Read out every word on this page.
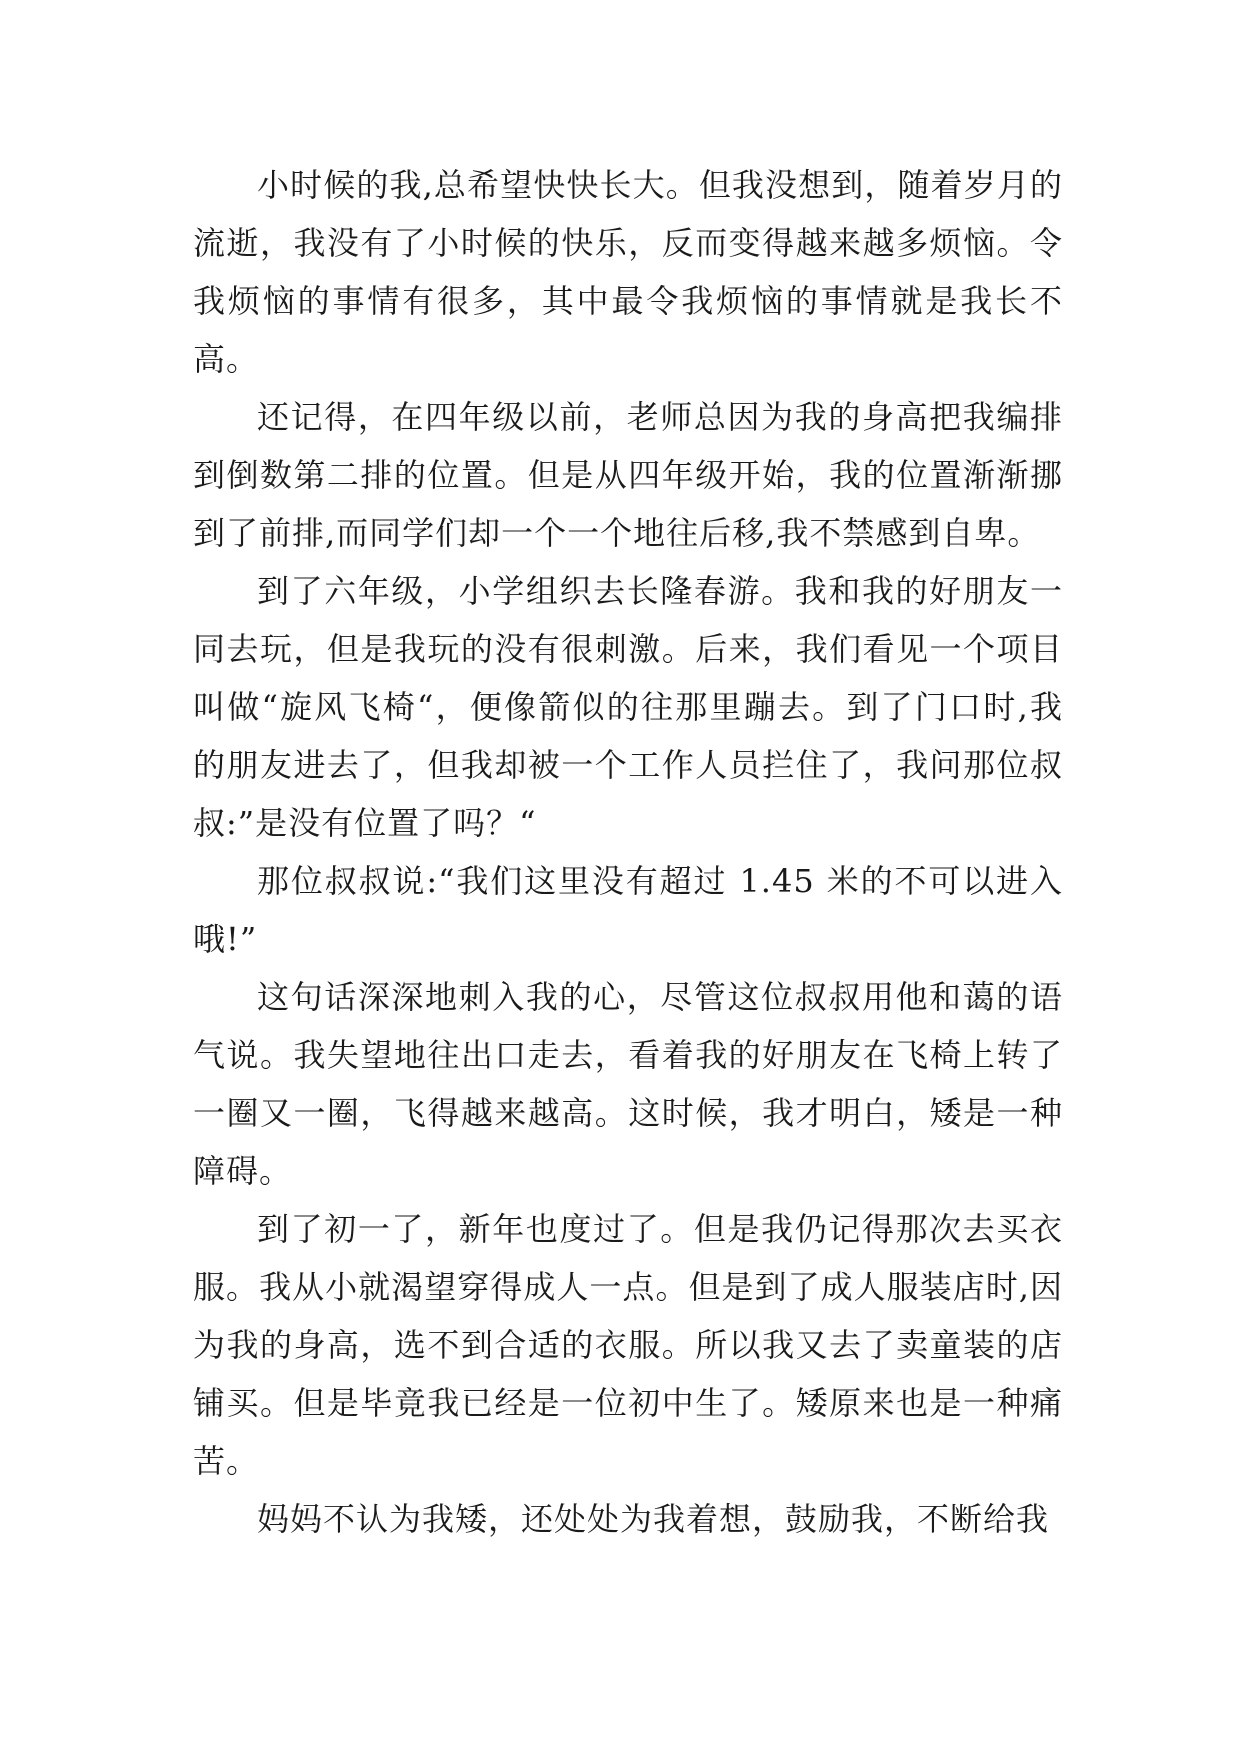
小时候的我,总希望快快长大。但我没想到，随着岁月的流逝，我没有了小时候的快乐，反而变得越来越多烦恼。令我烦恼的事情有很多，其中最令我烦恼的事情就是我长不高。

还记得，在四年级以前，老师总因为我的身高把我编排到倒数第二排的位置。但是从四年级开始，我的位置渐渐挪到了前排,而同学们却一个一个地往后移,我不禁感到自卑。

到了六年级，小学组织去长隆春游。我和我的好朋友一同去玩，但是我玩的没有很刺激。后来，我们看见一个项目叫做“旋风飞椅“，便像箭似的往那里蹦去。到了门口时,我的朋友进去了，但我却被一个工作人员拦住了，我问那位叔叔:”是没有位置了吗？“

那位叔叔说:“我们这里没有超过 1.45 米的不可以进入哦!”

这句话深深地刺入我的心，尽管这位叔叔用他和蔼的语气说。我失望地往出口走去，看着我的好朋友在飞椅上转了一圈又一圈，飞得越来越高。这时候，我才明白，矮是一种障碍。

到了初一了，新年也度过了。但是我仍记得那次去买衣服。我从小就渴望穿得成人一点。但是到了成人服装店时,因为我的身高，选不到合适的衣服。所以我又去了卖童装的店铺买。但是毕竟我已经是一位初中生了。矮原来也是一种痛苦。

妈妈不认为我矮，还处处为我着想，鼓励我，不断给我
